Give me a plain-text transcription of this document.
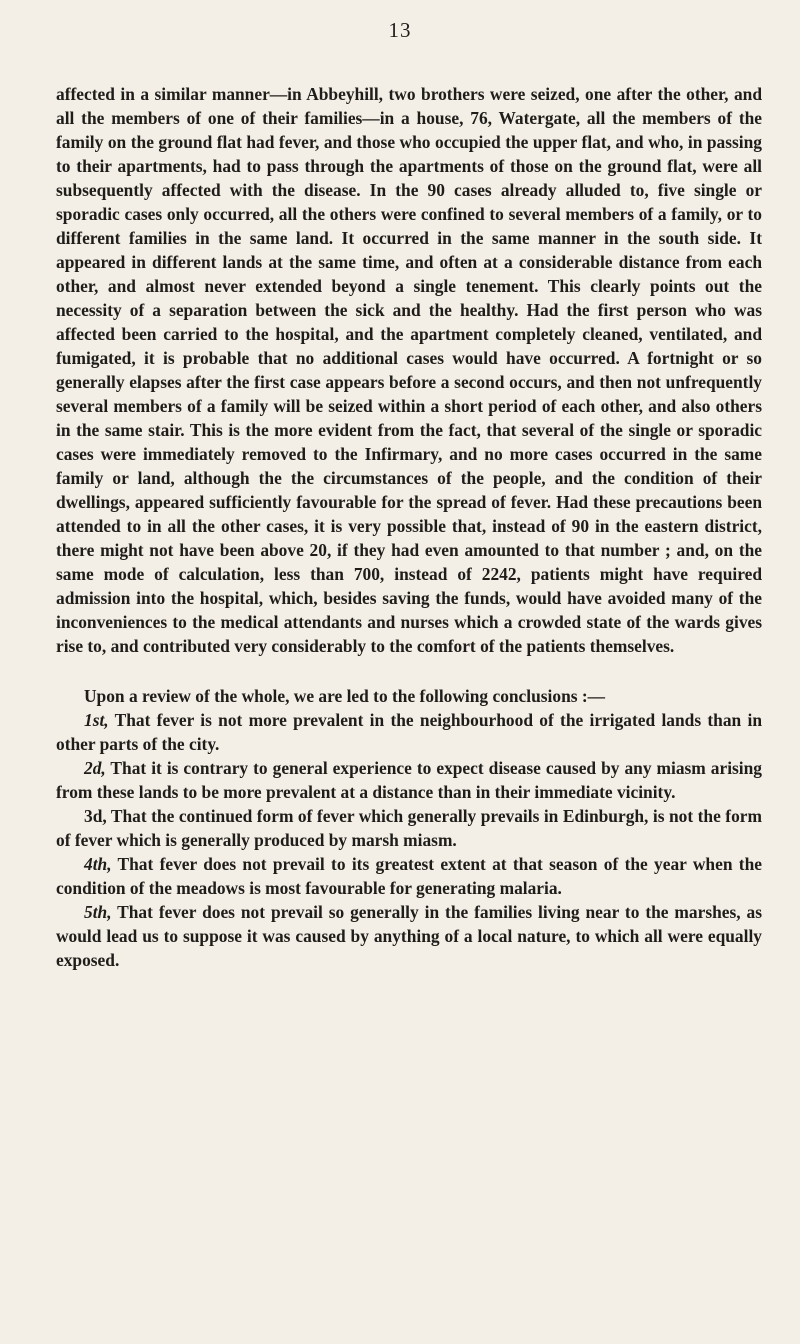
13

affected in a similar manner—in Abbeyhill, two brothers were seized, one after the other, and all the members of one of their families—in a house, 76, Watergate, all the members of the family on the ground flat had fever, and those who occupied the upper flat, and who, in passing to their apartments, had to pass through the apartments of those on the ground flat, were all subsequently affected with the disease. In the 90 cases already alluded to, five single or sporadic cases only occurred, all the others were confined to several members of a family, or to different families in the same land. It occurred in the same manner in the south side. It appeared in different lands at the same time, and often at a considerable distance from each other, and almost never extended beyond a single tenement. This clearly points out the necessity of a separation between the sick and the healthy. Had the first person who was affected been carried to the hospital, and the apartment completely cleaned, ventilated, and fumigated, it is probable that no additional cases would have occurred. A fortnight or so generally elapses after the first case appears before a second occurs, and then not unfrequently several members of a family will be seized within a short period of each other, and also others in the same stair. This is the more evident from the fact, that several of the single or sporadic cases were immediately removed to the Infirmary, and no more cases occurred in the same family or land, although the the circumstances of the people, and the condition of their dwellings, appeared sufficiently favourable for the spread of fever. Had these precautions been attended to in all the other cases, it is very possible that, instead of 90 in the eastern district, there might not have been above 20, if they had even amounted to that number ; and, on the same mode of calculation, less than 700, instead of 2242, patients might have required admission into the hospital, which, besides saving the funds, would have avoided many of the inconveniences to the medical attendants and nurses which a crowded state of the wards gives rise to, and contributed very considerably to the comfort of the patients themselves.

Upon a review of the whole, we are led to the following conclusions :—

1st, That fever is not more prevalent in the neighbourhood of the irrigated lands than in other parts of the city.

2d, That it is contrary to general experience to expect disease caused by any miasm arising from these lands to be more prevalent at a distance than in their immediate vicinity.

3d, That the continued form of fever which generally prevails in Edinburgh, is not the form of fever which is generally produced by marsh miasm.

4th, That fever does not prevail to its greatest extent at that season of the year when the condition of the meadows is most favourable for generating malaria.

5th, That fever does not prevail so generally in the families living near to the marshes, as would lead us to suppose it was caused by anything of a local nature, to which all were equally exposed.
